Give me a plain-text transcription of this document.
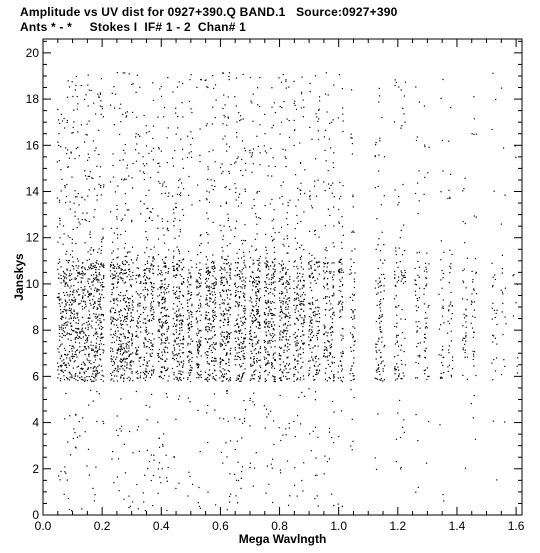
Amplitude vs UV dist for 0927+390.Q BAND.1   Source:0927+390
Ants * - *     Stokes I  IF# 1 - 2  Chan# 1
0.0	0.2	0.4	0.6	0.8	1.0	1.2	1.4	1.6
0
2
4
6
8
10
12
14
16
18
20
Mega Wavlngth
Janskys
